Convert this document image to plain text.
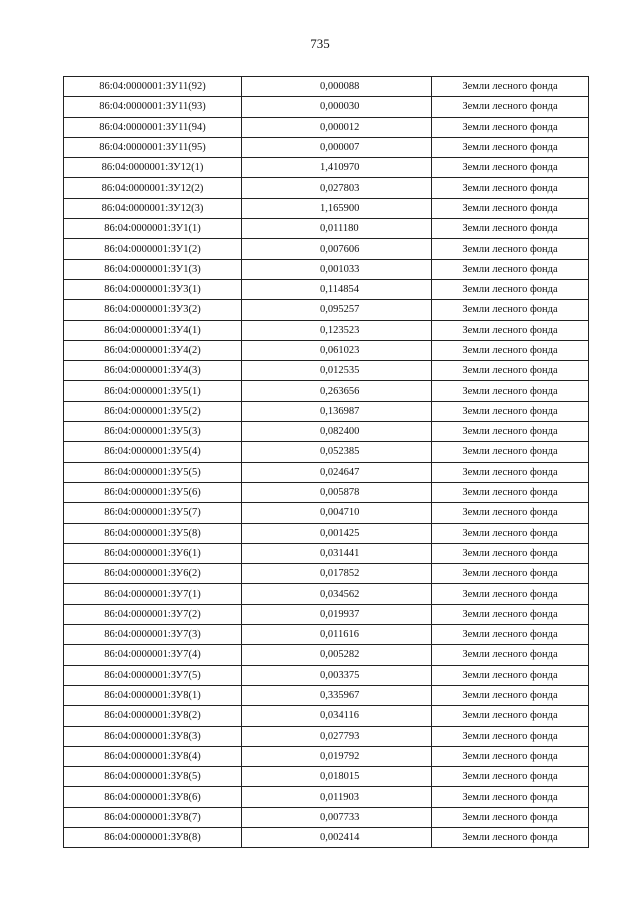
735
86:04:0000001:ЗУ11(92)	0,000088	Земли лесного фонда
86:04:0000001:ЗУ11(93)	0,000030	Земли лесного фонда
86:04:0000001:ЗУ11(94)	0,000012	Земли лесного фонда
86:04:0000001:ЗУ11(95)	0,000007	Земли лесного фонда
86:04:0000001:ЗУ12(1)	1,410970	Земли лесного фонда
86:04:0000001:ЗУ12(2)	0,027803	Земли лесного фонда
86:04:0000001:ЗУ12(3)	1,165900	Земли лесного фонда
86:04:0000001:ЗУ1(1)	0,011180	Земли лесного фонда
86:04:0000001:ЗУ1(2)	0,007606	Земли лесного фонда
86:04:0000001:ЗУ1(3)	0,001033	Земли лесного фонда
86:04:0000001:ЗУ3(1)	0,114854	Земли лесного фонда
86:04:0000001:ЗУ3(2)	0,095257	Земли лесного фонда
86:04:0000001:ЗУ4(1)	0,123523	Земли лесного фонда
86:04:0000001:ЗУ4(2)	0,061023	Земли лесного фонда
86:04:0000001:ЗУ4(3)	0,012535	Земли лесного фонда
86:04:0000001:ЗУ5(1)	0,263656	Земли лесного фонда
86:04:0000001:ЗУ5(2)	0,136987	Земли лесного фонда
86:04:0000001:ЗУ5(3)	0,082400	Земли лесного фонда
86:04:0000001:ЗУ5(4)	0,052385	Земли лесного фонда
86:04:0000001:ЗУ5(5)	0,024647	Земли лесного фонда
86:04:0000001:ЗУ5(6)	0,005878	Земли лесного фонда
86:04:0000001:ЗУ5(7)	0,004710	Земли лесного фонда
86:04:0000001:ЗУ5(8)	0,001425	Земли лесного фонда
86:04:0000001:ЗУ6(1)	0,031441	Земли лесного фонда
86:04:0000001:ЗУ6(2)	0,017852	Земли лесного фонда
86:04:0000001:ЗУ7(1)	0,034562	Земли лесного фонда
86:04:0000001:ЗУ7(2)	0,019937	Земли лесного фонда
86:04:0000001:ЗУ7(3)	0,011616	Земли лесного фонда
86:04:0000001:ЗУ7(4)	0,005282	Земли лесного фонда
86:04:0000001:ЗУ7(5)	0,003375	Земли лесного фонда
86:04:0000001:ЗУ8(1)	0,335967	Земли лесного фонда
86:04:0000001:ЗУ8(2)	0,034116	Земли лесного фонда
86:04:0000001:ЗУ8(3)	0,027793	Земли лесного фонда
86:04:0000001:ЗУ8(4)	0,019792	Земли лесного фонда
86:04:0000001:ЗУ8(5)	0,018015	Земли лесного фонда
86:04:0000001:ЗУ8(6)	0,011903	Земли лесного фонда
86:04:0000001:ЗУ8(7)	0,007733	Земли лесного фонда
86:04:0000001:ЗУ8(8)	0,002414	Земли лесного фонда
